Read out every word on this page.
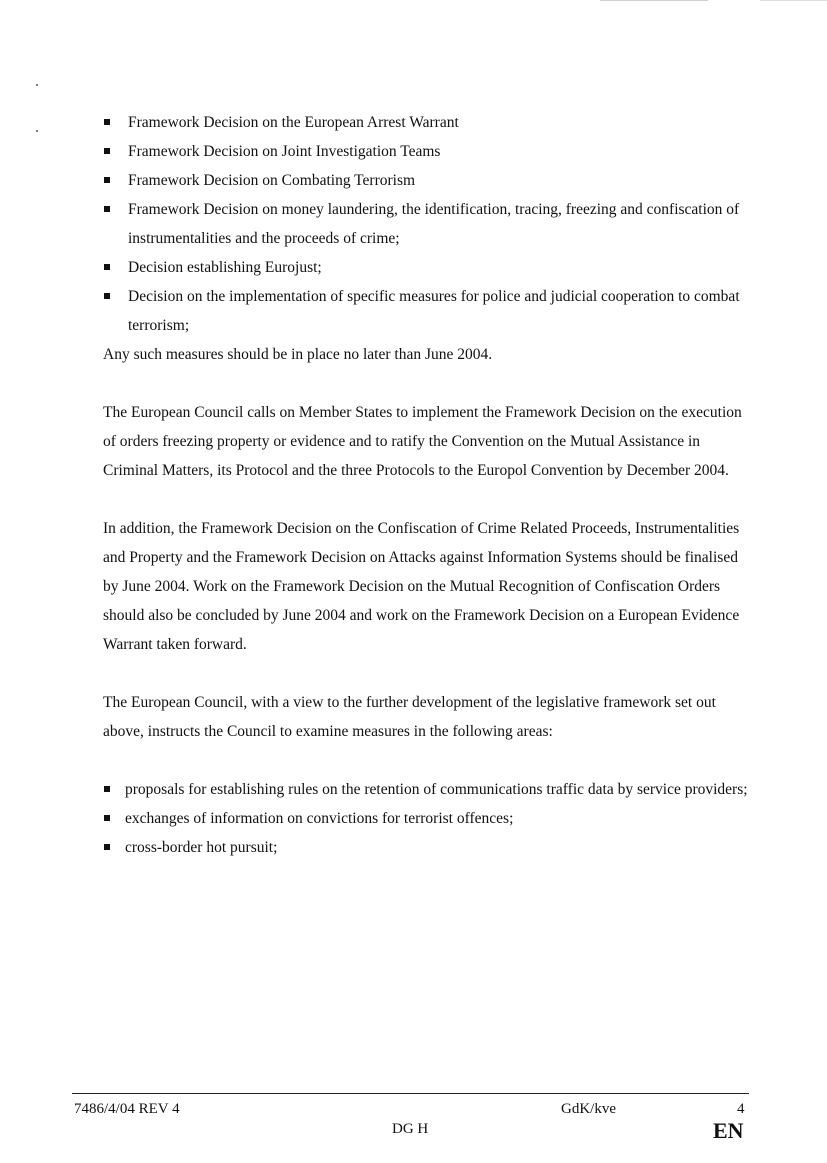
Framework Decision on the European Arrest Warrant
Framework Decision on Joint Investigation Teams
Framework Decision on Combating Terrorism
Framework Decision on money laundering, the identification, tracing, freezing and confiscation of instrumentalities and the proceeds of crime;
Decision establishing Eurojust;
Decision on the implementation of specific measures for police and judicial cooperation to combat terrorism;

Any such measures should be in place no later than June 2004.

The European Council calls on Member States to implement the Framework Decision on the execution of orders freezing property or evidence and to ratify the Convention on the Mutual Assistance in Criminal Matters, its Protocol and the three Protocols to the Europol Convention by December 2004.

In addition, the Framework Decision on the Confiscation of Crime Related Proceeds, Instrumentalities and Property and the Framework Decision on Attacks against Information Systems should be finalised by June 2004. Work on the Framework Decision on the Mutual Recognition of Confiscation Orders should also be concluded by June 2004 and work on the Framework Decision on a European Evidence Warrant taken forward.

The European Council, with a view to the further development of the legislative framework set out above, instructs the Council to examine measures in the following areas:

proposals for establishing rules on the retention of communications traffic data by service providers;
exchanges of information on convictions for terrorist offences;
cross-border hot pursuit;
7486/4/04 REV 4
DG H
GdK/kve	4
EN
